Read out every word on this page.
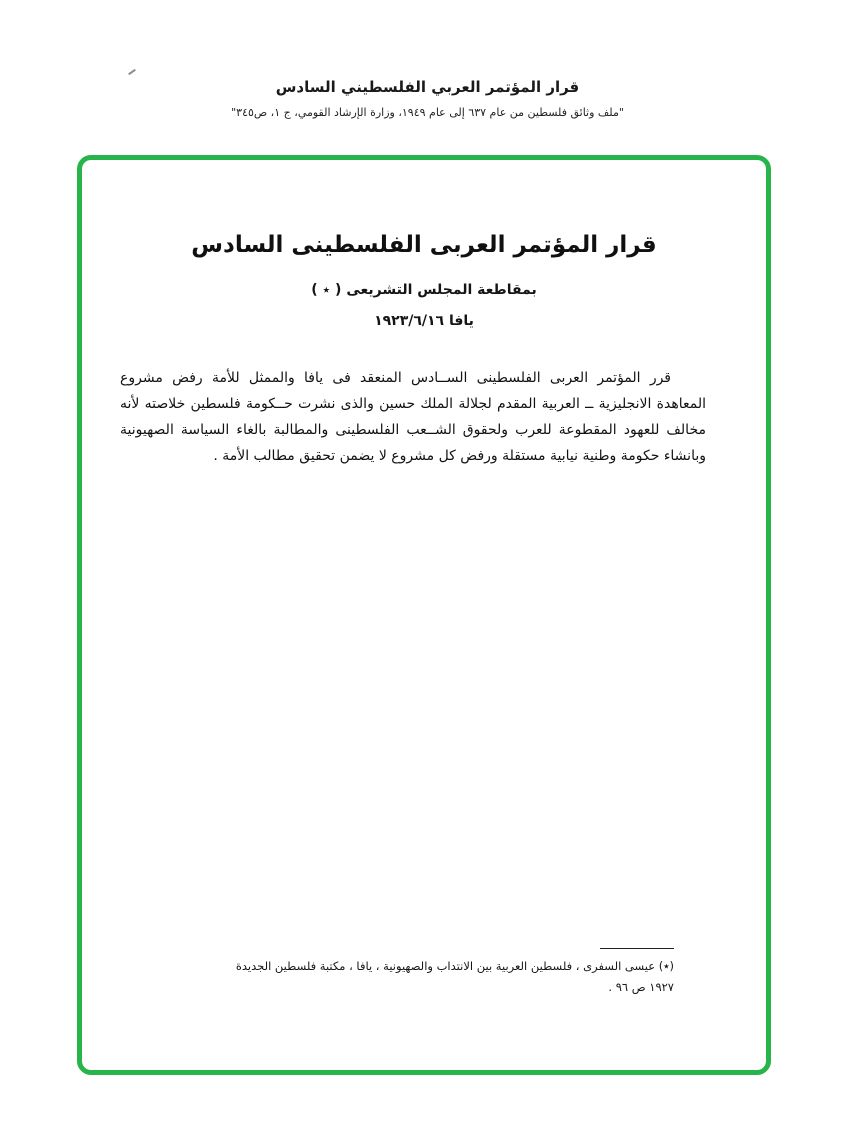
قرار المؤتمر العربي الفلسطيني السادس
"ملف وثائق فلسطين من عام ٦٣٧ إلى عام ١٩٤٩، وزارة الإرشاد القومي، ج ١، ص٣٤٥"
قرار المؤتمر العربى الفلسطينى السادس
بمقاطعة المجلس التشريعى ( ٭ )
يافا ١٩٢٣/٦/١٦

قرر المؤتمر العربى الفلسطينى الســادس المنعقد فى يافا والممثل للأمة رفض مشروع المعاهدة الانجليزية ــ العربية المقدم لجلالة الملك حسين والذى نشرت حــكومة فلسطين خلاصته لأنه مخالف للعهود المقطوعة للعرب ولحقوق الشــعب الفلسطينى والمطالبة بالغاء السياسة الصهيونية وبانشاء حكومة وطنية نيابية مستقلة ورفض كل مشروع لا يضمن تحقيق مطالب الأمة .

(٭) عيسى السفرى ، فلسطين العربية بين الانتداب والصهيونية ، يافا ، مكتبة فلسطين الجديدة
١٩٢٧ ص ٩٦ .
